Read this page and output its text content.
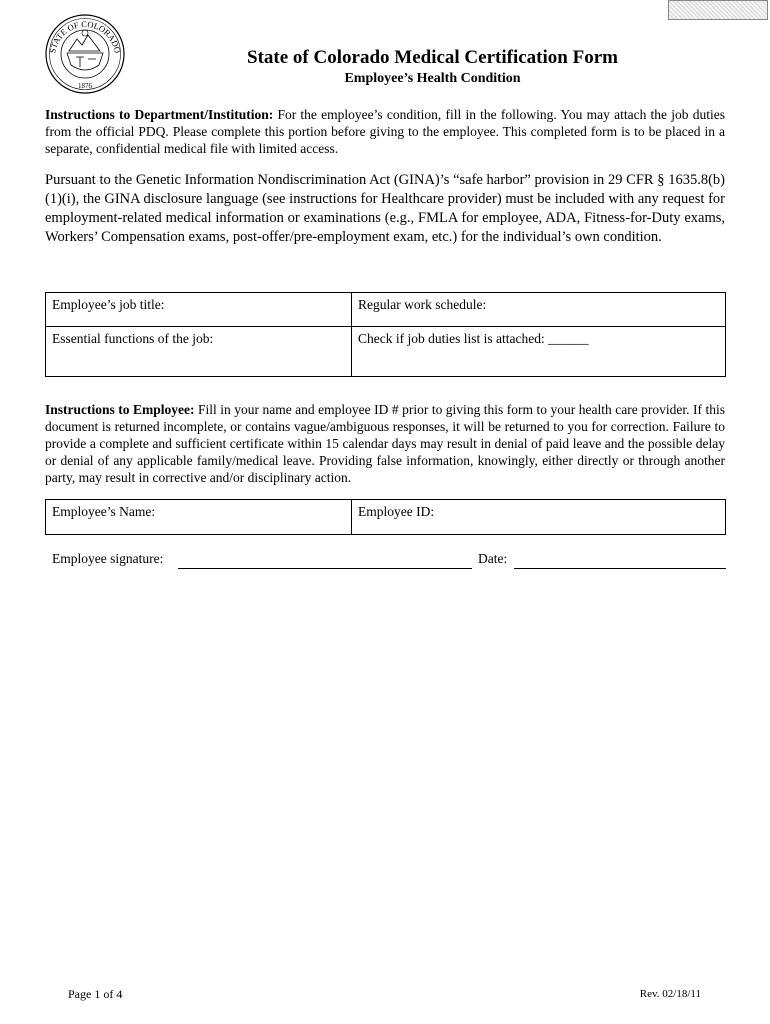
STATE OF COLORADO
1876
State of Colorado Medical Certification Form
Employee’s Health Condition

Instructions to Department/Institution: For the employee’s condition, fill in the following. You may attach the job duties from the official PDQ. Please complete this portion before giving to the employee. This completed form is to be placed in a separate, confidential medical file with limited access.

Pursuant to the Genetic Information Nondiscrimination Act (GINA)’s “safe harbor” provision in 29 CFR § 1635.8(b)(1)(i), the GINA disclosure language (see instructions for Healthcare provider) must be included with any request for employment-related medical information or examinations (e.g., FMLA for employee, ADA, Fitness-for-Duty exams, Workers’ Compensation exams, post-offer/pre-employment exam, etc.) for the individual’s own condition.

Employee’s job title:	Regular work schedule:
Essential functions of the job:	Check if job duties list is attached: ______

Instructions to Employee: Fill in your name and employee ID # prior to giving this form to your health care provider. If this document is returned incomplete, or contains vague/ambiguous responses, it will be returned to you for correction. Failure to provide a complete and sufficient certificate within 15 calendar days may result in denial of paid leave and the possible delay or denial of any applicable family/medical leave. Providing false information, knowingly, either directly or through another party, may result in corrective and/or disciplinary action.

Employee’s Name:	Employee ID:
Employee signature:	Date:
Page 1 of 4	Rev. 02/18/11
